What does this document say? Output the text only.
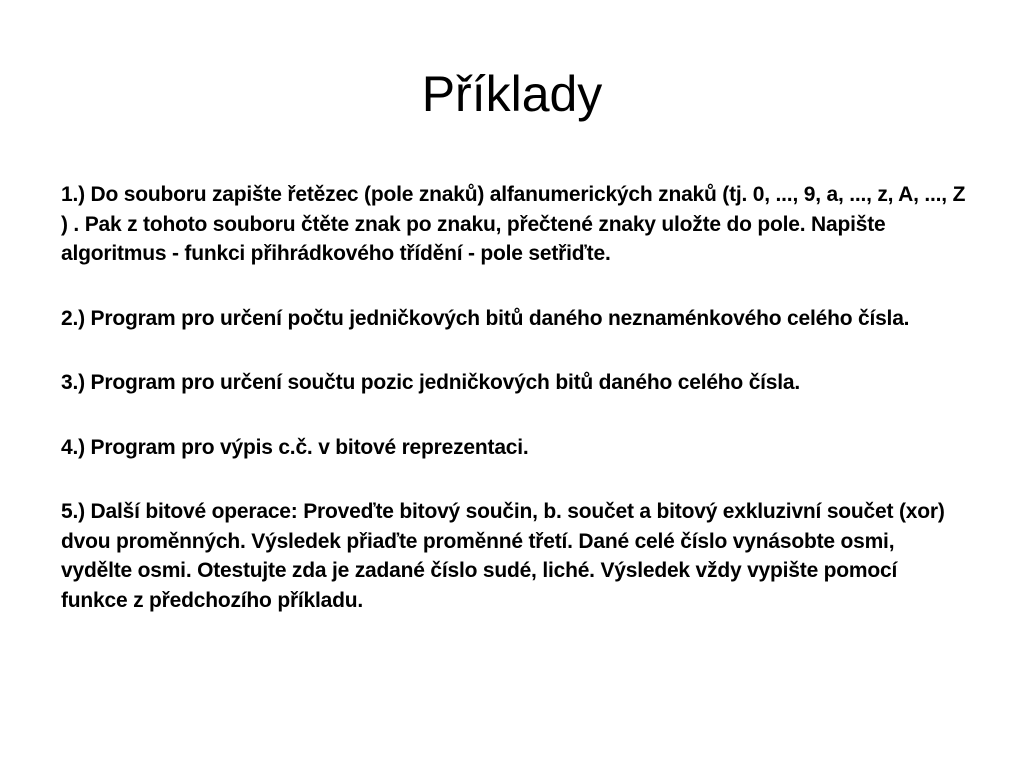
Příklady

1.) Do souboru zapište řetězec (pole znaků) alfanumerických znaků (tj. 0, ..., 9, a, ..., z, A, ..., Z ) . Pak z tohoto souboru čtěte znak po znaku, přečtené znaky uložte do pole. Napište algoritmus - funkci přihrádkového třídění - pole setřiďte.

2.) Program pro určení počtu jedničkových bitů daného neznaménkového celého čísla.

3.) Program pro určení součtu pozic jedničkových bitů daného celého čísla.

4.) Program pro výpis c.č. v bitové reprezentaci.

5.) Další bitové operace: Proveďte bitový součin, b. součet a bitový exkluzivní součet (xor) dvou proměnných. Výsledek přiaďte proměnné třetí. Dané celé číslo vynásobte osmi, vydělte osmi. Otestujte zda je zadané číslo sudé, liché. Výsledek vždy vypište pomocí funkce z předchozího příkladu.
